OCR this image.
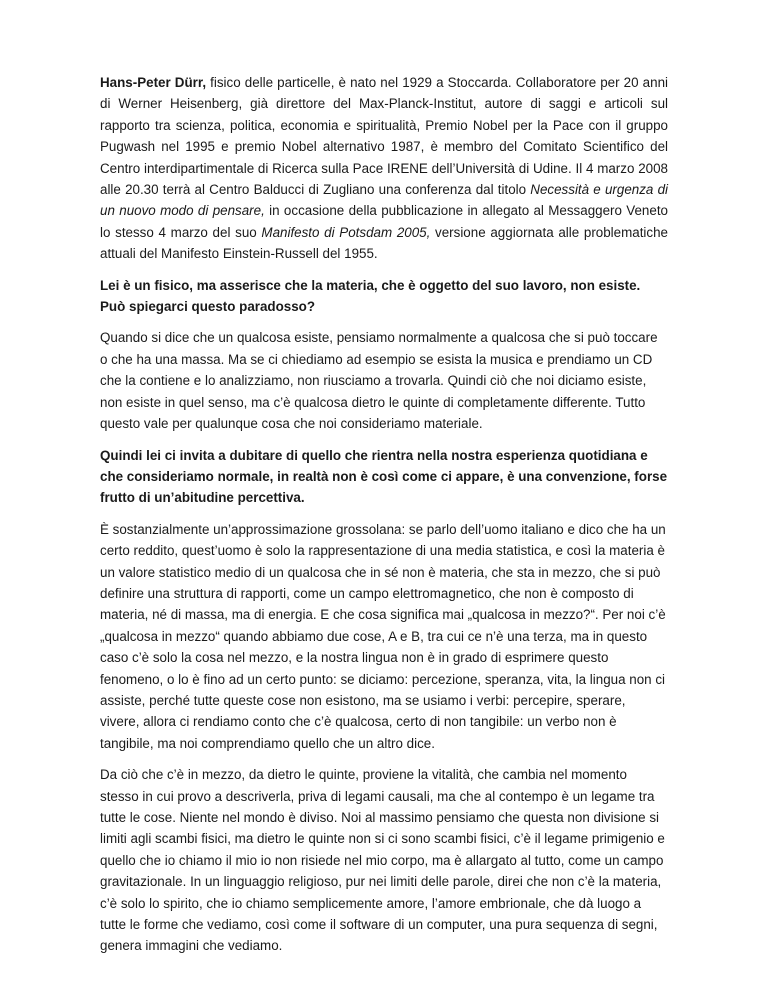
Hans-Peter Dürr, fisico delle particelle, è nato nel 1929 a Stoccarda. Collaboratore per 20 anni di Werner Heisenberg, già direttore del Max-Planck-Institut, autore di saggi e articoli sul rapporto tra scienza, politica, economia e spiritualità, Premio Nobel per la Pace con il gruppo Pugwash nel 1995 e premio Nobel alternativo 1987, è membro del Comitato Scientifico del Centro interdipartimentale di Ricerca sulla Pace IRENE dell’Università di Udine. Il 4 marzo 2008 alle 20.30 terrà al Centro Balducci di Zugliano una conferenza dal titolo Necessità e urgenza di un nuovo modo di pensare, in occasione della pubblicazione in allegato al Messaggero Veneto lo stesso 4 marzo del suo Manifesto di Potsdam 2005, versione aggiornata alle problematiche attuali del Manifesto Einstein-Russell del 1955.

Lei è un fisico, ma asserisce che la materia, che è oggetto del suo lavoro, non esiste. Può spiegarci questo paradosso?

Quando si dice che un qualcosa esiste, pensiamo normalmente a qualcosa che si può toccare o che ha una massa. Ma se ci chiediamo ad esempio se esista la musica e prendiamo un CD che la contiene e lo analizziamo, non riusciamo a trovarla. Quindi ciò che noi diciamo esiste, non esiste in quel senso, ma c’è qualcosa dietro le quinte di completamente differente. Tutto questo vale per qualunque cosa che noi consideriamo materiale.

Quindi lei ci invita a dubitare di quello che rientra nella nostra esperienza quotidiana e che consideriamo normale, in realtà non è così come ci appare, è una convenzione, forse frutto di un’abitudine percettiva.

È sostanzialmente un’approssimazione grossolana: se parlo dell’uomo italiano e dico che ha un certo reddito, quest’uomo è solo la rappresentazione di una media statistica, e così la materia è un valore statistico medio di un qualcosa che in sé non è materia, che sta in mezzo, che si può definire una struttura di rapporti, come un campo elettromagnetico, che non è composto di materia, né di massa, ma di energia. E che cosa significa mai „qualcosa in mezzo?“. Per noi c’è „qualcosa in mezzo“ quando abbiamo due cose, A e B, tra cui ce n’è una terza, ma in questo caso c’è solo la cosa nel mezzo, e la nostra lingua non è in grado di esprimere questo fenomeno, o lo è fino ad un certo punto: se diciamo: percezione, speranza, vita, la lingua non ci assiste, perché tutte queste cose non esistono, ma se usiamo i verbi: percepire, sperare, vivere, allora ci rendiamo conto che c’è qualcosa, certo di non tangibile: un verbo non è tangibile, ma noi comprendiamo quello che un altro dice.

Da ciò che c’è in mezzo, da dietro le quinte, proviene la vitalità, che cambia nel momento stesso in cui provo a descriverla, priva di legami causali, ma che al contempo è un legame tra tutte le cose. Niente nel mondo è diviso. Noi al massimo pensiamo che questa non divisione si limiti agli scambi fisici, ma dietro le quinte non si ci sono scambi fisici, c’è il legame primigenio e quello che io chiamo il mio io non risiede nel mio corpo, ma è allargato al tutto, come un campo gravitazionale. In un linguaggio religioso, pur nei limiti delle parole, direi che non c’è la materia, c’è solo lo spirito, che io chiamo semplicemente amore, l’amore embrionale, che dà luogo a tutte le forme che vediamo, così come il software di un computer, una pura sequenza di segni, genera immagini che vediamo.
